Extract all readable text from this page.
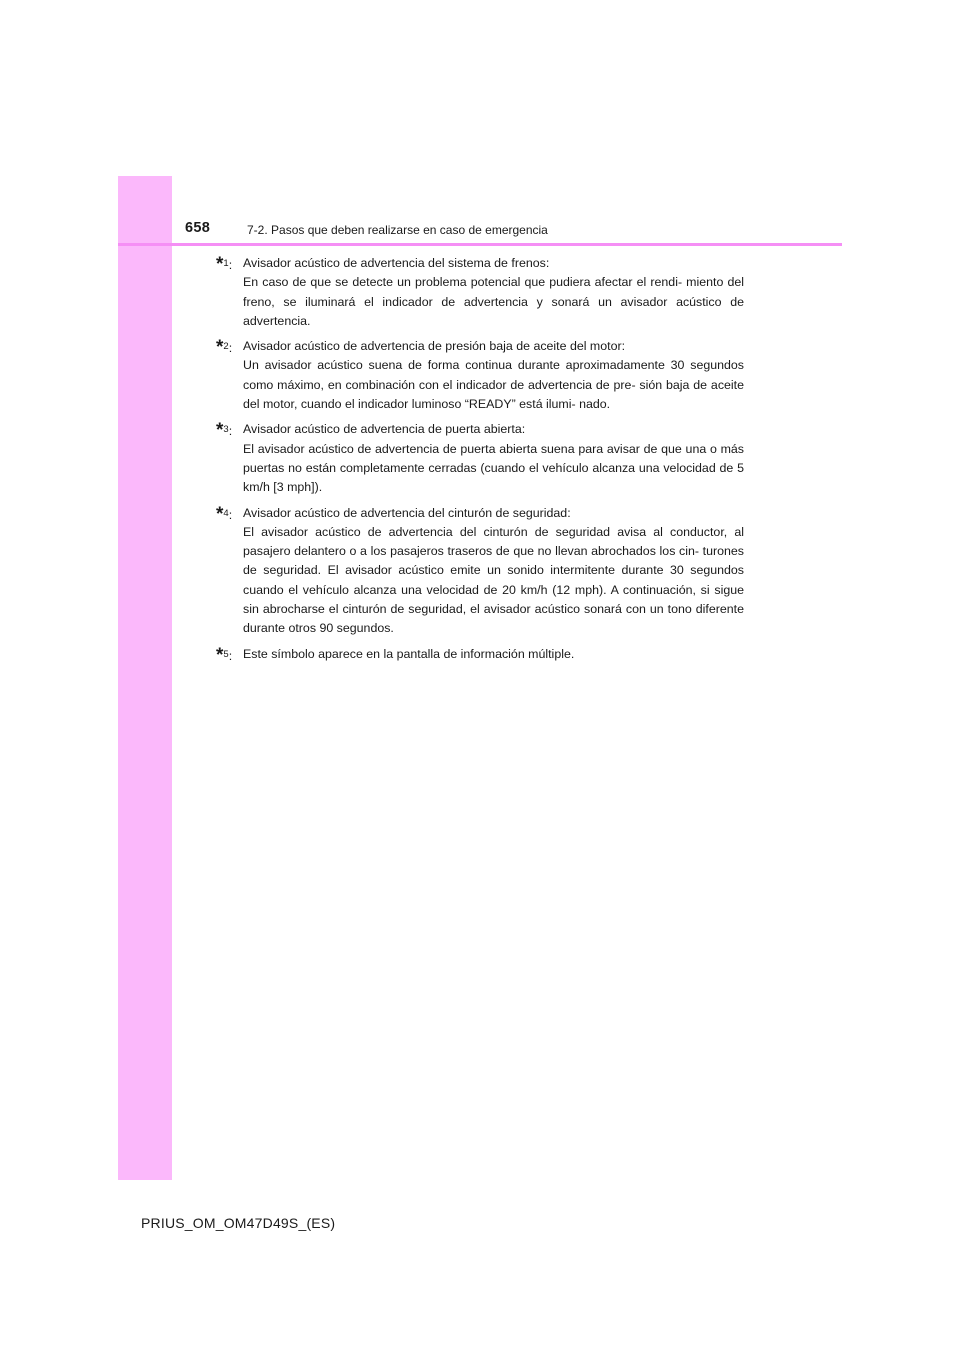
658	7-2. Pasos que deben realizarse en caso de emergencia
*$^1$: Avisador acústico de advertencia del sistema de frenos:
En caso de que se detecte un problema potencial que pudiera afectar el rendi- miento del freno, se iluminará el indicador de advertencia y sonará un avisador acústico de advertencia.
*$^2$: Avisador acústico de advertencia de presión baja de aceite del motor:
Un avisador acústico suena de forma continua durante aproximadamente 30 segundos como máximo, en combinación con el indicador de advertencia de pre- sión baja de aceite del motor, cuando el indicador luminoso “READY” está ilumi- nado.
*$^3$: Avisador acústico de advertencia de puerta abierta:
El avisador acústico de advertencia de puerta abierta suena para avisar de que una o más puertas no están completamente cerradas (cuando el vehículo alcanza una velocidad de 5 km/h [3 mph]).
*$^4$: Avisador acústico de advertencia del cinturón de seguridad:
El avisador acústico de advertencia del cinturón de seguridad avisa al conductor, al pasajero delantero o a los pasajeros traseros de que no llevan abrochados los cin- turones de seguridad. El avisador acústico emite un sonido intermitente durante 30 segundos cuando el vehículo alcanza una velocidad de 20 km/h (12 mph). A continuación, si sigue sin abrocharse el cinturón de seguridad, el avisador acústico sonará con un tono diferente durante otros 90 segundos.
*$^5$: Este símbolo aparece en la pantalla de información múltiple.
PRIUS_OM_OM47D49S_(ES)
